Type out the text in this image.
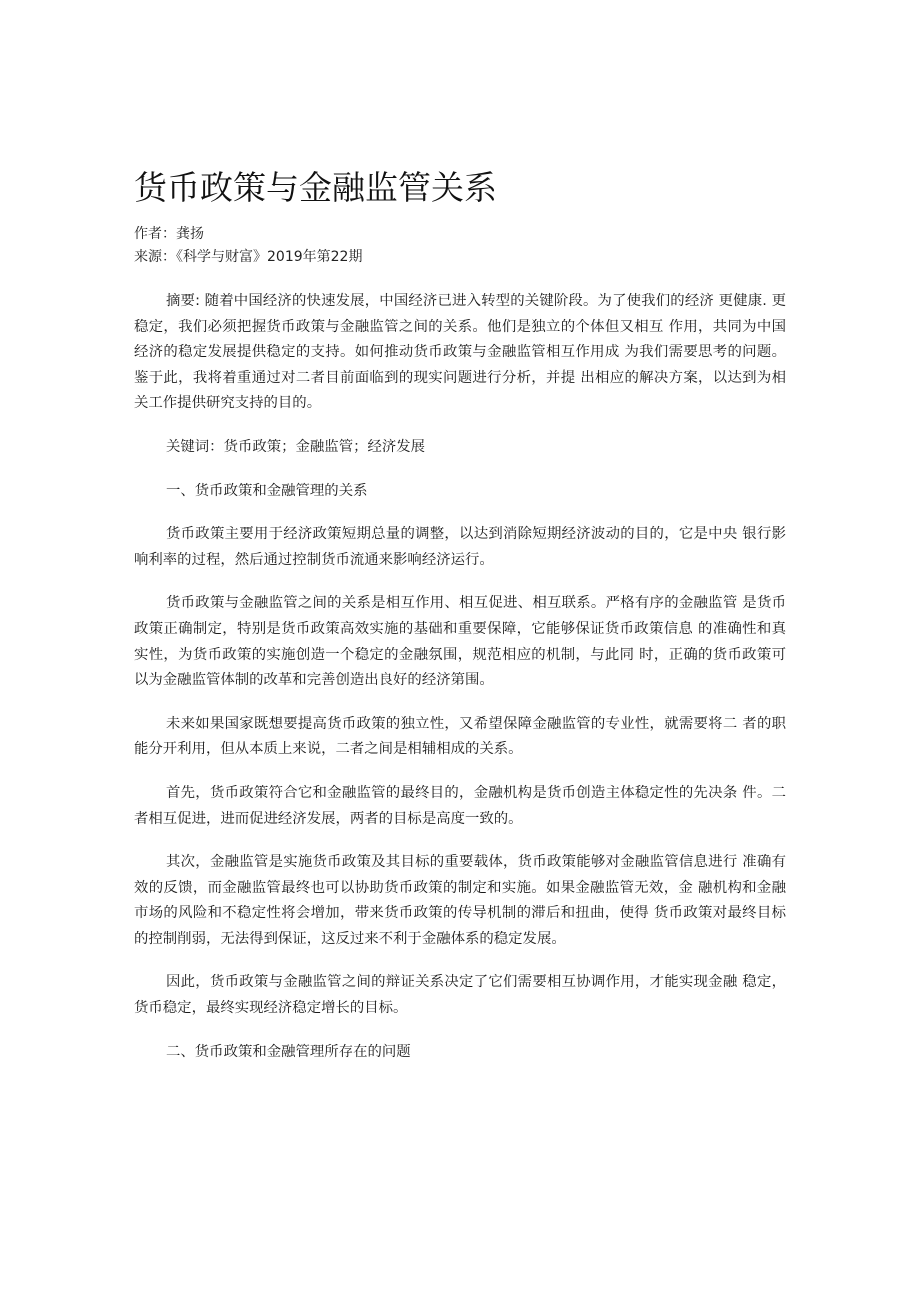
货币政策与金融监管关系
作者：龚扬
来源：《科学与财富》2019年第22期

摘要: 随着中国经济的快速发展，中国经济已进入转型的关键阶段。为了使我们的经济 更健康. 更稳定，我们必须把握货币政策与金融监管之间的关系。他们是独立的个体但又相互 作用，共同为中国经济的稳定发展提供稳定的支持。如何推动货币政策与金融监管相互作用成 为我们需要思考的问题。鉴于此，我将着重通过对二者目前面临到的现实问题进行分析，并提 出相应的解决方案，以达到为相关工作提供研究支持的目的。

关键词：货币政策；金融监管；经济发展

一、货币政策和金融管理的关系

货币政策主要用于经济政策短期总量的调整，以达到消除短期经济波动的目的，它是中央 银行影响利率的过程，然后通过控制货币流通来影响经济运行。

货币政策与金融监管之间的关系是相互作用、相互促进、相互联系。严格有序的金融监管 是货币政策正确制定，特别是货币政策高效实施的基础和重要保障，它能够保证货币政策信息 的准确性和真实性，为货币政策的实施创造一个稳定的金融氛围，规范相应的机制，与此同 时，正确的货币政策可以为金融监管体制的改革和完善创造出良好的经济第围。

未来如果国家既想要提高货币政策的独立性，又希望保障金融监管的专业性，就需要将二 者的职能分开利用，但从本质上来说，二者之间是相辅相成的关系。

首先，货币政策符合它和金融监管的最终目的，金融机构是货币创造主体稳定性的先决条 件。二者相互促进，进而促进经济发展，两者的目标是高度一致的。

其次，金融监管是实施货币政策及其目标的重要载体，货币政策能够对金融监管信息进行 准确有效的反馈，而金融监管最终也可以协助货币政策的制定和实施。如果金融监管无效，金 融机构和金融市场的风险和不稳定性将会增加，带来货币政策的传导机制的滞后和扭曲，使得 货币政策对最终目标的控制削弱，无法得到保证，这反过来不利于金融体系的稳定发展。

因此，货币政策与金融监管之间的辩证关系决定了它们需要相互协调作用，才能实现金融 稳定，货币稳定，最终实现经济稳定增长的目标。

二、货币政策和金融管理所存在的问题
